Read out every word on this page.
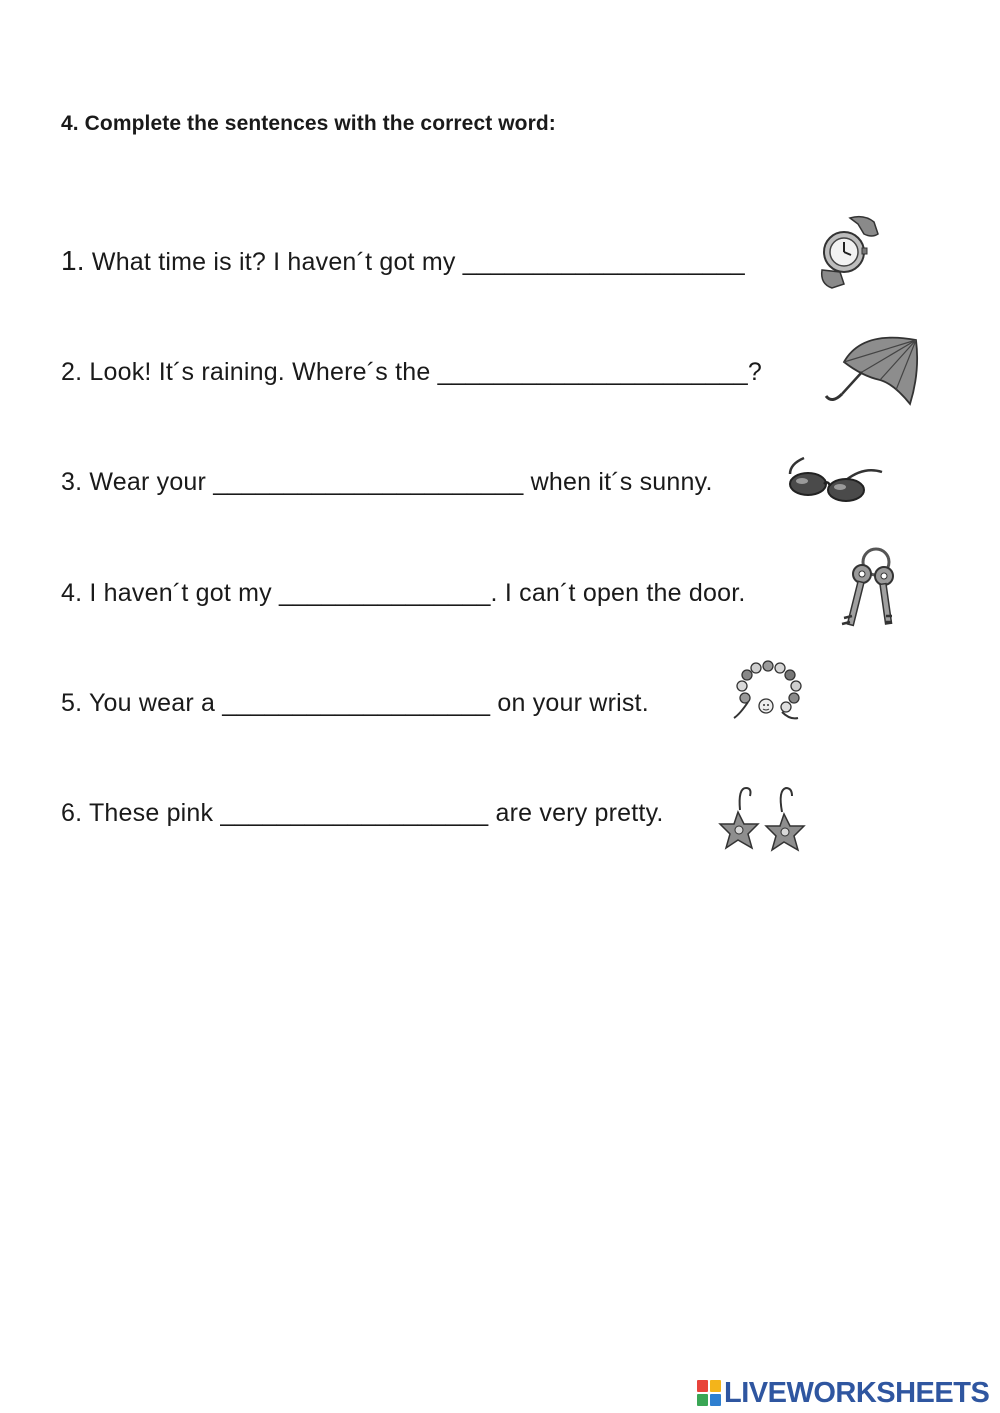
4. Complete the sentences with the correct word:
1. What time is it? I haven´t got my ____________________
2. Look! It´s raining. Where´s the ______________________?
3. Wear your ______________________ when it´s sunny.
4. I haven´t got my _______________. I can´t open the door.
5. You wear a ___________________ on your wrist.
6. These pink ___________________ are very pretty.
LIVEWORKSHEETS
